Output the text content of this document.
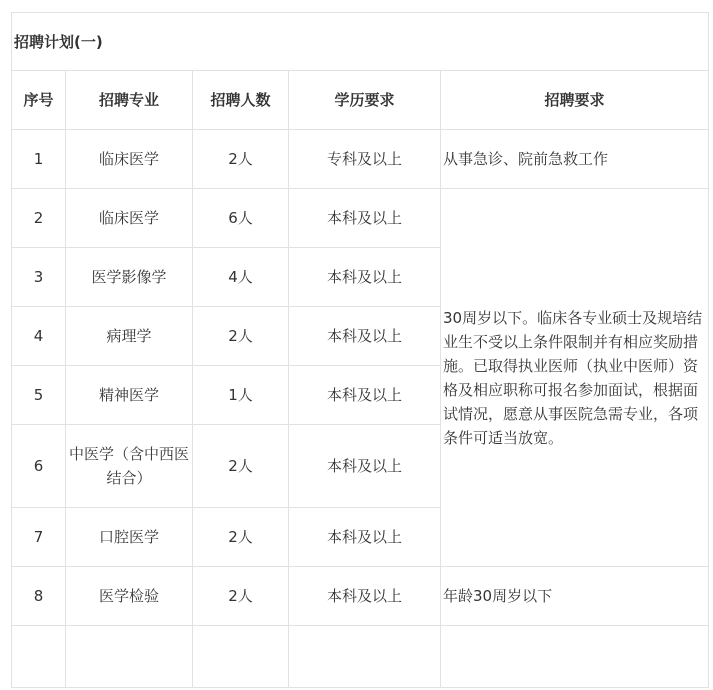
招聘计划(一)				
序号	招聘专业	招聘人数	学历要求	招聘要求
1	临床医学	2人	专科及以上	从事急诊、院前急救工作
2	临床医学	6人	本科及以上	30周岁以下。临床各专业硕士及规培结业生不受以上条件限制并有相应奖励措施。已取得执业医师（执业中医师）资格及相应职称可报名参加面试，根据面试情况，愿意从事医院急需专业，各项条件可适当放宽。
3	医学影像学	4人	本科及以上	
4	病理学	2人	本科及以上	
5	精神医学	1人	本科及以上	
6	中医学（含中西医结合）	2人	本科及以上	
7	口腔医学	2人	本科及以上	
8	医学检验	2人	本科及以上	年龄30周岁以下
